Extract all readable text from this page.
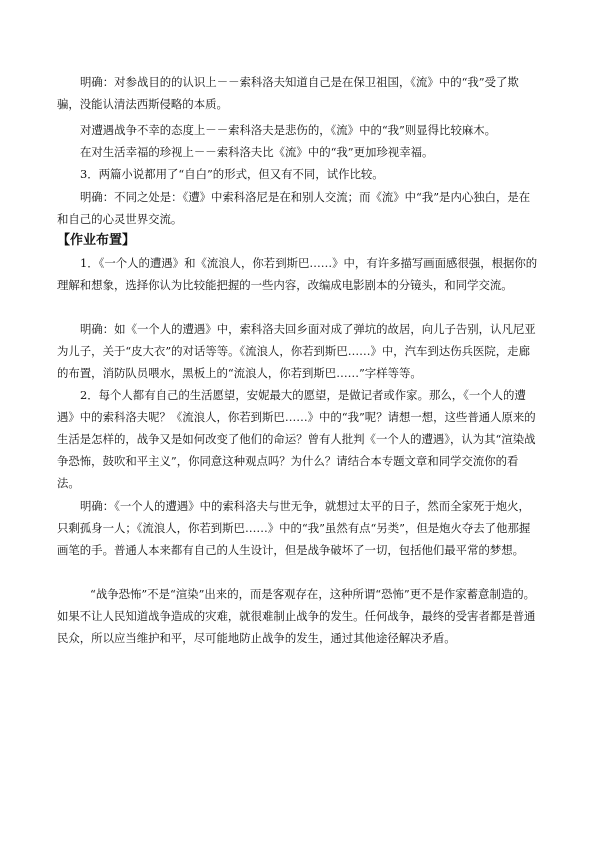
明确：对参战目的的认识上－－索科洛夫知道自己是在保卫祖国，《流》中的“我”受了欺骗，没能认清法西斯侵略的本质。

对遭遇战争不幸的态度上－－索科洛夫是悲伤的，《流》中的“我”则显得比较麻木。

在对生活幸福的珍视上－－索科洛夫比《流》中的“我”更加珍视幸福。

3．两篇小说都用了“自白”的形式，但又有不同，试作比较。

明确：不同之处是：《遭》中索科洛尼是在和别人交流；而《流》中“我”是内心独白，是在和自己的心灵世界交流。

【作业布置】

1．《一个人的遭遇》和《流浪人，你若到斯巴……》中，有许多描写画面感很强，根据你的理解和想象，选择你认为比较能把握的一些内容，改编成电影剧本的分镜头，和同学交流。

明确：如《一个人的遭遇》中，索科洛夫回乡面对成了弹坑的故居，向儿子告别，认凡尼亚为儿子，关于“皮大衣”的对话等等。《流浪人，你若到斯巴……》中，汽车到达伤兵医院，走廊的布置，消防队员喂水，黑板上的“流浪人，你若到斯巴……”字样等等。

2．每个人都有自己的生活愿望，安妮最大的愿望，是做记者或作家。那么，《一个人的遭遇》中的索科洛夫呢？《流浪人，你若到斯巴……》中的“我”呢？请想一想，这些普通人原来的生活是怎样的，战争又是如何改变了他们的命运？曾有人批判《一个人的遭遇》，认为其“渲染战争恐怖，鼓吹和平主义”，你同意这种观点吗？为什么？请结合本专题文章和同学交流你的看法。

明确：《一个人的遭遇》中的索科洛夫与世无争，就想过太平的日子，然而全家死于炮火，只剩孤身一人；《流浪人，你若到斯巴……》中的“我”虽然有点“另类”，但是炮火夺去了他那握画笔的手。普通人本来都有自己的人生设计，但是战争破坏了一切，包括他们最平常的梦想。

“战争恐怖”不是“渲染”出来的，而是客观存在，这种所谓“恐怖”更不是作家蓄意制造的。如果不让人民知道战争造成的灾难，就很难制止战争的发生。任何战争，最终的受害者都是普通民众，所以应当维护和平，尽可能地防止战争的发生，通过其他途径解决矛盾。
